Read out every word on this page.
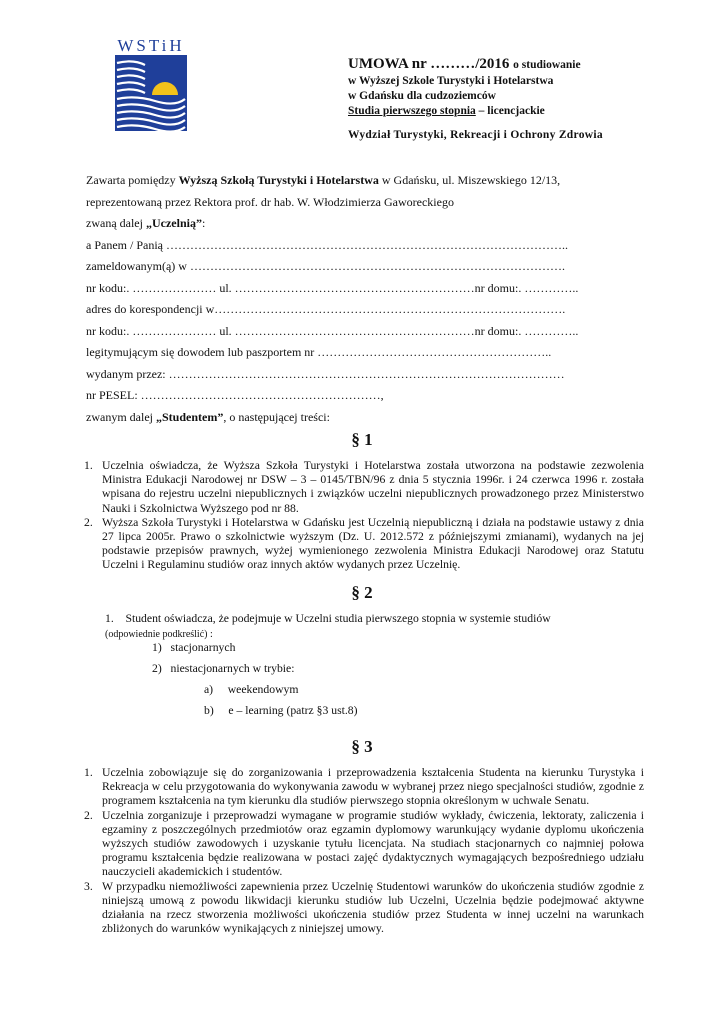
WSTiH
UMOWA nr ………/2016 o studiowanie
w Wyższej Szkole Turystyki i Hotelarstwa
w Gdańsku dla cudzoziemców
Studia pierwszego stopnia – licencjackie
Wydział Turystyki, Rekreacji i Ochrony Zdrowia
Zawarta pomiędzy Wyższą Szkołą Turystyki i Hotelarstwa w Gdańsku, ul. Miszewskiego 12/13,
reprezentowaną przez Rektora prof. dr hab. W. Włodzimierza Gaworeckiego
zwaną dalej „Uczelnią”:
a Panem / Panią ………………………………………………………………………………………..
zameldowanym(ą) w ………………………………………………………………………………….
nr kodu:. ………………… ul. ……………………………………………………nr domu:. …………..
adres do korespondencji w…………………………………………………………………………….
nr kodu:. ………………… ul. ……………………………………………………nr domu:. …………..
legitymującym się dowodem lub paszportem nr …………………………………………………..
wydanym przez: ………………………………………………………………………………………
nr PESEL: ……………………………………………………,
zwanym dalej „Studentem”, o następującej treści:
§ 1
1. Uczelnia oświadcza, że Wyższa Szkoła Turystyki i Hotelarstwa została utworzona na podstawie zezwolenia Ministra Edukacji Narodowej nr DSW – 3 – 0145/TBN/96 z dnia 5 stycznia 1996r. i 24 czerwca 1996 r. została wpisana do rejestru uczelni niepublicznych i związków uczelni niepublicznych prowadzonego przez Ministerstwo Nauki i Szkolnictwa Wyższego pod nr 88.
2. Wyższa Szkoła Turystyki i Hotelarstwa w Gdańsku jest Uczelnią niepubliczną i działa na podstawie ustawy z dnia 27 lipca 2005r. Prawo o szkolnictwie wyższym (Dz. U. 2012.572 z późniejszymi zmianami), wydanych na jej podstawie przepisów prawnych, wyżej wymienionego zezwolenia Ministra Edukacji Narodowej oraz Statutu Uczelni i Regulaminu studiów oraz innych aktów wydanych przez Uczelnię.
§ 2
1. Student oświadcza, że podejmuje w Uczelni studia pierwszego stopnia w systemie studiów
(odpowiednie podkreślić) :
1) stacjonarnych
2) niestacjonarnych w trybie:
a) weekendowym
b) e – learning (patrz §3 ust.8)
§ 3
1. Uczelnia zobowiązuje się do zorganizowania i przeprowadzenia kształcenia Studenta na kierunku Turystyka i Rekreacja w celu przygotowania do wykonywania zawodu w wybranej przez niego specjalności studiów, zgodnie z programem kształcenia na tym kierunku dla studiów pierwszego stopnia określonym w uchwale Senatu.
2. Uczelnia zorganizuje i przeprowadzi wymagane w programie studiów wykłady, ćwiczenia, lektoraty, zaliczenia i egzaminy z poszczególnych przedmiotów oraz egzamin dyplomowy warunkujący wydanie dyplomu ukończenia wyższych studiów zawodowych i uzyskanie tytułu licencjata. Na studiach stacjonarnych co najmniej połowa programu kształcenia będzie realizowana w postaci zajęć dydaktycznych wymagających bezpośredniego udziału nauczycieli akademickich i studentów.
3. W przypadku niemożliwości zapewnienia przez Uczelnię Studentowi warunków do ukończenia studiów zgodnie z niniejszą umową z powodu likwidacji kierunku studiów lub Uczelni, Uczelnia będzie podejmować aktywne działania na rzecz stworzenia możliwości ukończenia studiów przez Studenta w innej uczelni na warunkach zbliżonych do warunków wynikających z niniejszej umowy.
